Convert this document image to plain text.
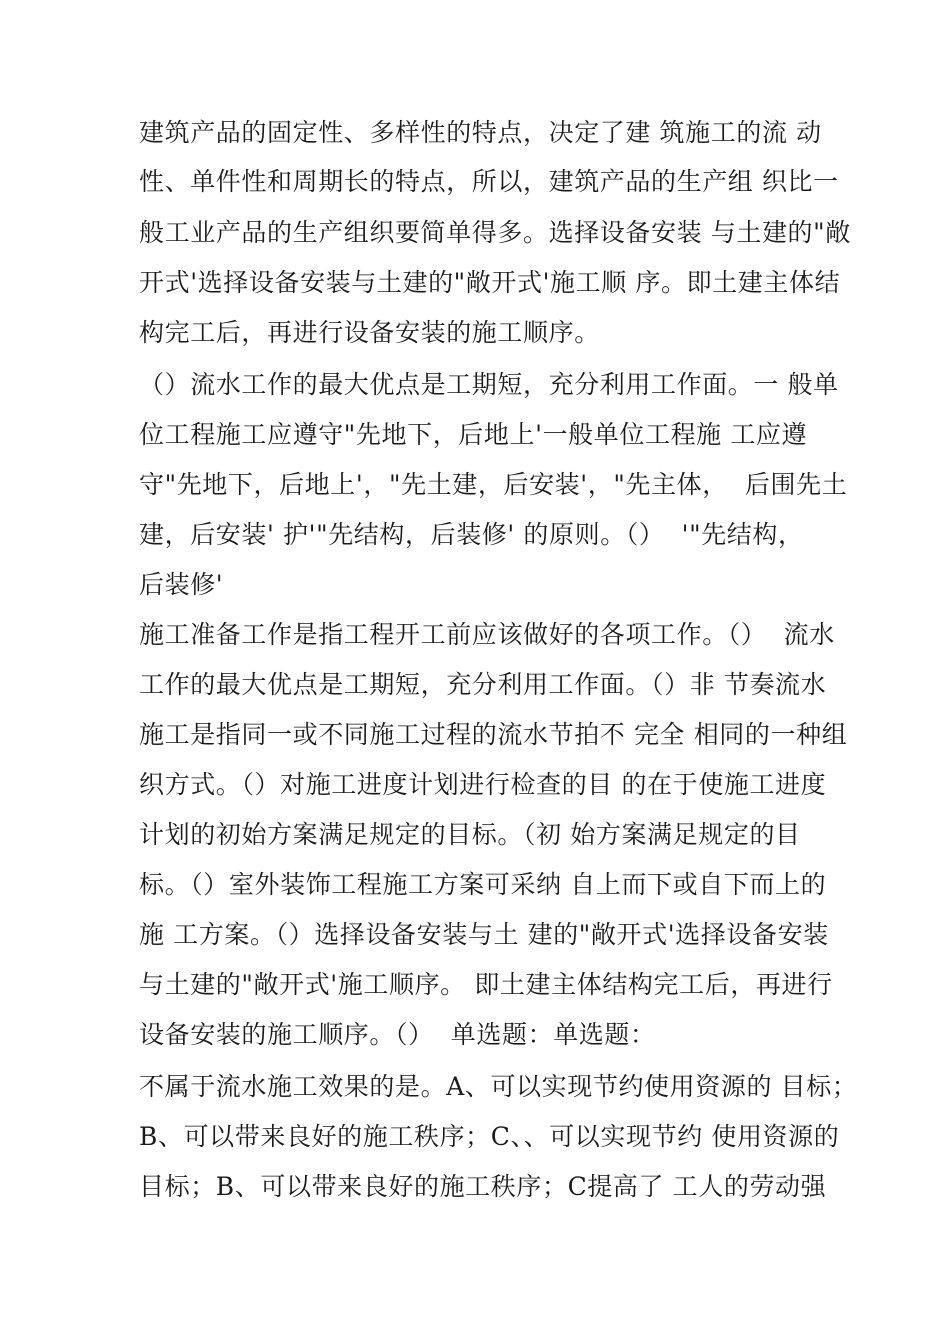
建筑产品的固定性、多样性的特点，决定了建 筑施工的流 动
性、单件性和周期长的特点，所以，建筑产品的生产组 织比一
般工业产品的生产组织要简单得多。选择设备安装 与土建的"敞
开式'选择设备安装与土建的"敞开式'施工顺 序。即土建主体结
构完工后，再进行设备安装的施工顺序。
（）流水工作的最大优点是工期短，充分利用工作面。一 般单
位工程施工应遵守"先地下，后地上'一般单位工程施 工应遵
守"先地下，后地上'，"先土建，后安装'，"先主体，  后围先土
建，后安装' 护'"先结构，后装修' 的原则。（）  '"先结构，
后装修'
施工准备工作是指工程开工前应该做好的各项工作。（）  流水
工作的最大优点是工期短，充分利用工作面。（）非 节奏流水
施工是指同一或不同施工过程的流水节拍不 完全 相同的一种组
织方式。（）对施工进度计划进行检查的目 的在于使施工进度
计划的初始方案满足规定的目标。（初 始方案满足规定的目
标。（）室外装饰工程施工方案可采纳 自上而下或自下而上的
施 工方案。（）选择设备安装与土 建的"敞开式'选择设备安装
与土建的"敞开式'施工顺序。 即土建主体结构完工后，再进行
设备安装的施工顺序。（）  单选题：单选题：
不属于流水施工效果的是。A、可以实现节约使用资源的 目标；
B、可以带来良好的施工秩序；C、、可以实现节约 使用资源的
目标；B、可以带来良好的施工秩序；C提高了 工人的劳动强
